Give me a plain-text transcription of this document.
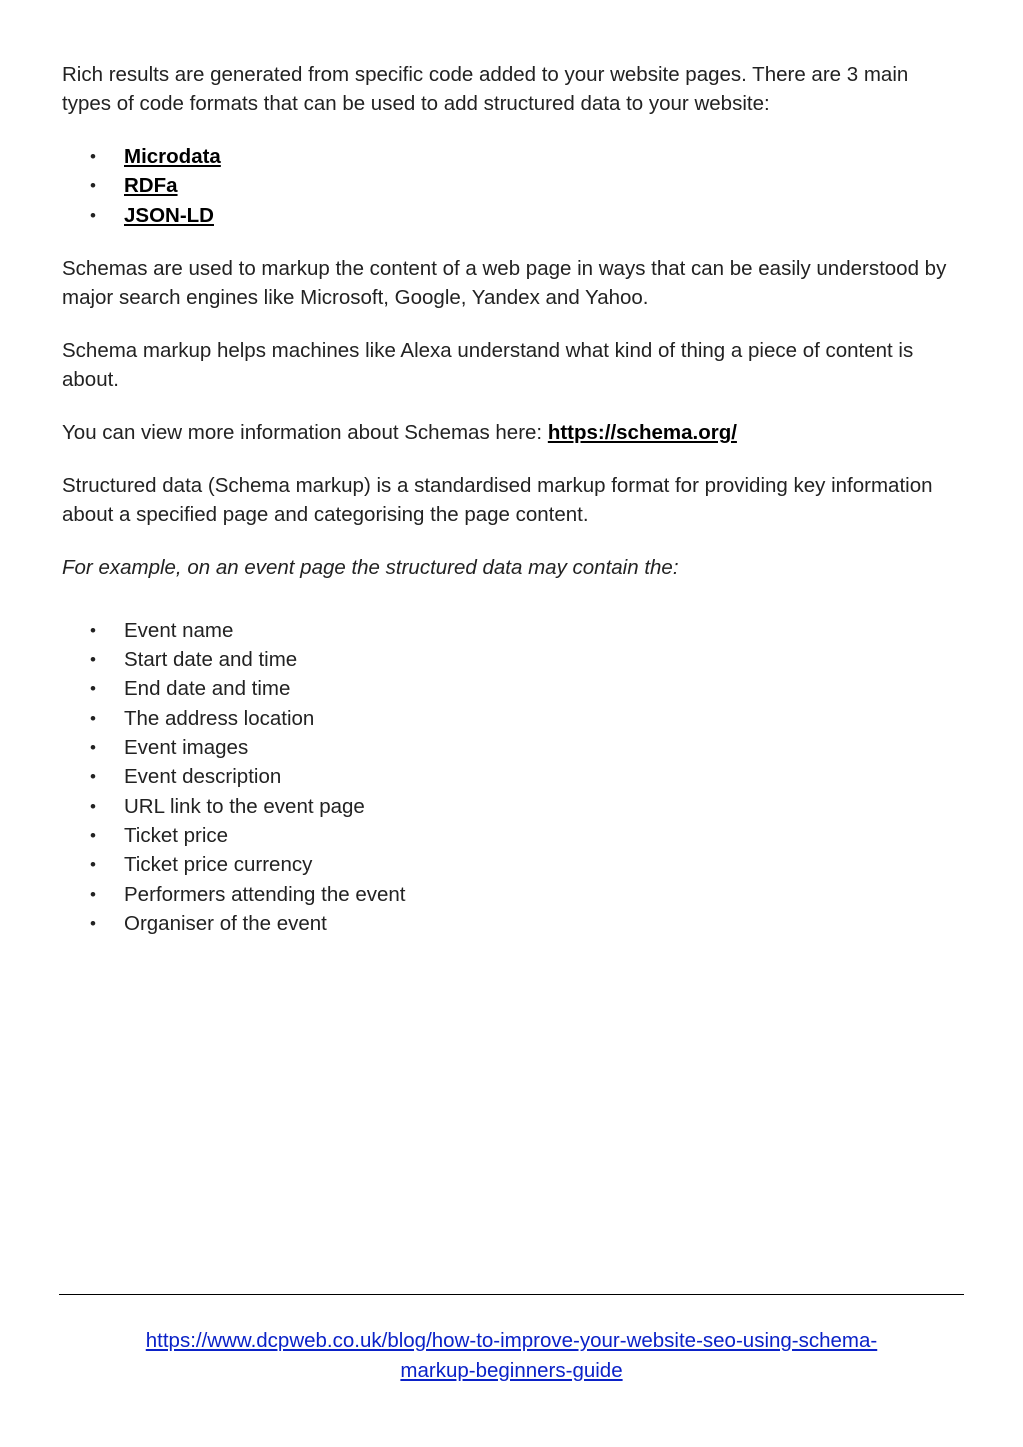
Rich results are generated from specific code added to your website pages. There are 3 main types of code formats that can be used to add structured data to your website:

• Microdata
• RDFa
• JSON-LD

Schemas are used to markup the content of a web page in ways that can be easily understood by major search engines like Microsoft, Google, Yandex and Yahoo.

Schema markup helps machines like Alexa understand what kind of thing a piece of content is about.

You can view more information about Schemas here: https://schema.org/

Structured data (Schema markup) is a standardised markup format for providing key information about a specified page and categorising the page content.

For example, on an event page the structured data may contain the:

• Event name
• Start date and time
• End date and time
• The address location
• Event images
• Event description
• URL link to the event page
• Ticket price
• Ticket price currency
• Performers attending the event
• Organiser of the event
https://www.dcpweb.co.uk/blog/how-to-improve-your-website-seo-using-schema-
markup-beginners-guide
